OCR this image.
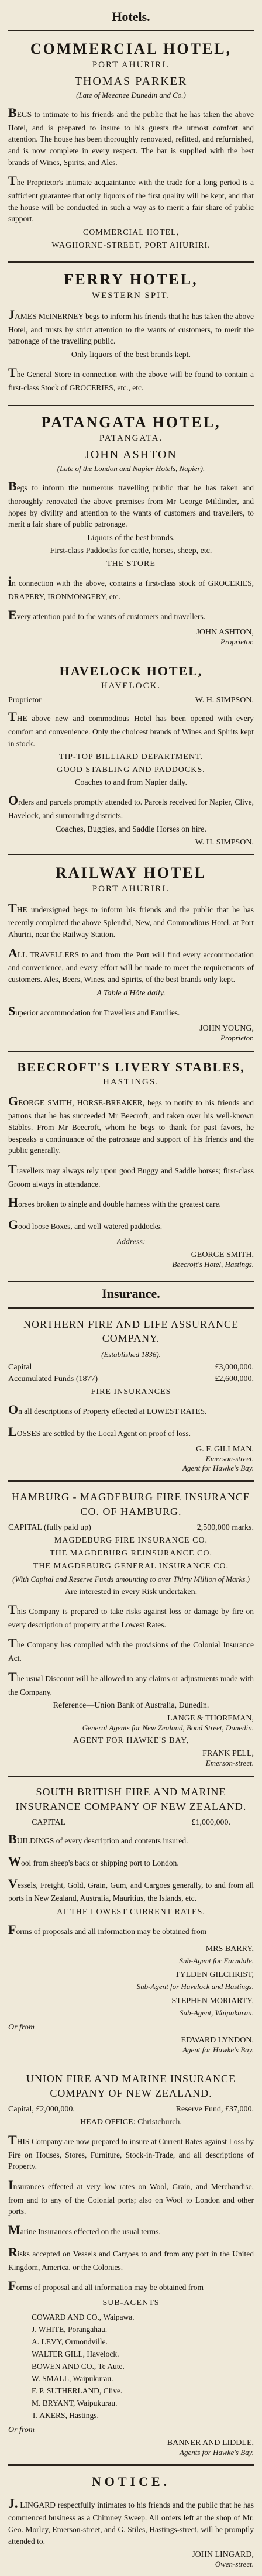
Hotels.
COMMERCIAL HOTEL,
PORT AHURIRI.
THOMAS PARKER
(Late of Meeanee Dunedin and Co.)

BEGS to intimate to his friends and the public that he has taken the above Hotel, and is prepared to insure to his guests the utmost comfort and attention. The house has been thoroughly renovated, refitted, and refurnished, and is now complete in every respect. The bar is supplied with the best brands of Wines, Spirits, and Ales.

The Proprietor's intimate acquaintance with the trade for a long period is a sufficient guarantee that only liquors of the first quality will be kept, and that the house will be conducted in such a way as to merit a fair share of public support.

COMMERCIAL HOTEL,
WAGHORNE-STREET, PORT AHURIRI.
FERRY HOTEL,
WESTERN SPIT.

JAMES McINERNEY begs to inform his friends that he has taken the above Hotel, and trusts by strict attention to the wants of customers, to merit the patronage of the travelling public.

Only liquors of the best brands kept.

The General Store in connection with the above will be found to contain a first-class Stock of GROCERIES, etc., etc.

PATANGATA HOTEL,
PATANGATA.
JOHN ASHTON
(Late of the London and Napier Hotels, Napier).

Begs to inform the numerous travelling public that he has taken and thoroughly renovated the above premises from Mr George Mildinder, and hopes by civility and attention to the wants of customers and travellers, to merit a fair share of public patronage.

Liquors of the best brands.
First-class Paddocks for cattle, horses, sheep, etc.
THE STORE

in connection with the above, contains a first-class stock of GROCERIES, DRAPERY, IRONMONGERY, etc.

Every attention paid to the wants of customers and travellers.

JOHN ASHTON,
Proprietor.
HAVELOCK HOTEL,
HAVELOCK.
Proprietor	W. H. SIMPSON.

THE above new and commodious Hotel has been opened with every comfort and convenience. Only the choicest brands of Wines and Spirits kept in stock.

TIP-TOP BILLIARD DEPARTMENT.
GOOD STABLING AND PADDOCKS.
Coaches to and from Napier daily.

Orders and parcels promptly attended to. Parcels received for Napier, Clive, Havelock, and surrounding districts.

Coaches, Buggies, and Saddle Horses on hire.
W. H. SIMPSON.
RAILWAY HOTEL
PORT AHURIRI.

THE undersigned begs to inform his friends and the public that he has recently completed the above Splendid, New, and Commodious Hotel, at Port Ahuriri, near the Railway Station.

ALL TRAVELLERS to and from the Port will find every accommodation and convenience, and every effort will be made to meet the requirements of customers. Ales, Beers, Wines, and Spirits, of the best brands only kept.

A Table d'Hôte daily.

Superior accommodation for Travellers and Families.

JOHN YOUNG,
Proprietor.
BEECROFT'S LIVERY STABLES,
HASTINGS.

GEORGE SMITH, HORSE-BREAKER, begs to notify to his friends and patrons that he has succeeded Mr Beecroft, and taken over his well-known Stables. From Mr Beecroft, whom he begs to thank for past favors, he bespeaks a continuance of the patronage and support of his friends and the public generally.

Travellers may always rely upon good Buggy and Saddle horses; first-class Groom always in attendance.

Horses broken to single and double harness with the greatest care.

Good loose Boxes, and well watered paddocks.

Address:
GEORGE SMITH,
Beecroft's Hotel, Hastings.
Insurance.
NORTHERN FIRE AND LIFE ASSURANCE COMPANY.
(Established 1836).
Capital	£3,000,000.
Accumulated Funds (1877)	£2,600,000.
FIRE INSURANCES

On all descriptions of Property effected at LOWEST RATES.

LOSSES are settled by the Local Agent on proof of loss.

G. F. GILLMAN,
Emerson-street.
Agent for Hawke's Bay.
HAMBURG - MAGDEBURG FIRE INSURANCE CO. OF HAMBURG.
CAPITAL (fully paid up)	2,500,000 marks.
MAGDEBURG FIRE INSURANCE CO.
THE MAGDEBURG REINSURANCE CO.
THE MAGDEBURG GENERAL INSURANCE CO.
(With Capital and Reserve Funds amounting to over Thirty Million of Marks.)
Are interested in every Risk undertaken.

This Company is prepared to take risks against loss or damage by fire on every description of property at the Lowest Rates.

The Company has complied with the provisions of the Colonial Insurance Act.

The usual Discount will be allowed to any claims or adjustments made with the Company.

Reference—Union Bank of Australia, Dunedin.
LANGE & THOREMAN,
General Agents for New Zealand, Bond Street, Dunedin.
AGENT FOR HAWKE'S BAY,
FRANK PELL,
Emerson-street.
SOUTH BRITISH FIRE AND MARINE INSURANCE COMPANY OF NEW ZEALAND.
CAPITAL	£1,000,000.

BUILDINGS of every description and contents insured.

Wool from sheep's back or shipping port to London.

Vessels, Freight, Gold, Grain, Gum, and Cargoes generally, to and from all ports in New Zealand, Australia, Mauritius, the Islands, etc.

AT THE LOWEST CURRENT RATES.

Forms of proposals and all information may be obtained from

MRS BARRY,
Sub-Agent for Farndale.
TYLDEN GILCHRIST,
Sub-Agent for Havelock and Hastings.
STEPHEN MORIARTY,
Sub-Agent, Waipukurau.
Or from
EDWARD LYNDON,
Agent for Hawke's Bay.
UNION FIRE AND MARINE INSURANCE COMPANY OF NEW ZEALAND.
Capital, £2,000,000.	Reserve Fund, £37,000.
HEAD OFFICE: Christchurch.

THIS Company are now prepared to insure at Current Rates against Loss by Fire on Houses, Stores, Furniture, Stock-in-Trade, and all descriptions of Property.

Insurances effected at very low rates on Wool, Grain, and Merchandise, from and to any of the Colonial ports; also on Wool to London and other ports.

Marine Insurances effected on the usual terms.

Risks accepted on Vessels and Cargoes to and from any port in the United Kingdom, America, or the Colonies.

Forms of proposal and all information may be obtained from

SUB-AGENTS
COWARD AND CO., Waipawa.
J. WHITE, Porangahau.
A. LEVY, Ormondville.
WALTER GILL, Havelock.
BOWEN AND CO., Te Aute.
W. SMALL, Waipukurau.
F. P. SUTHERLAND, Clive.
M. BRYANT, Waipukurau.
T. AKERS, Hastings.
Or from
BANNER AND LIDDLE,
Agents for Hawke's Bay.
NOTICE.

J. LINGARD respectfully intimates to his friends and the public that he has commenced business as a Chimney Sweep. All orders left at the shop of Mr. Geo. Morley, Emerson-street, and G. Stiles, Hastings-street, will be promptly attended to.

JOHN LINGARD,
Owen-street.
